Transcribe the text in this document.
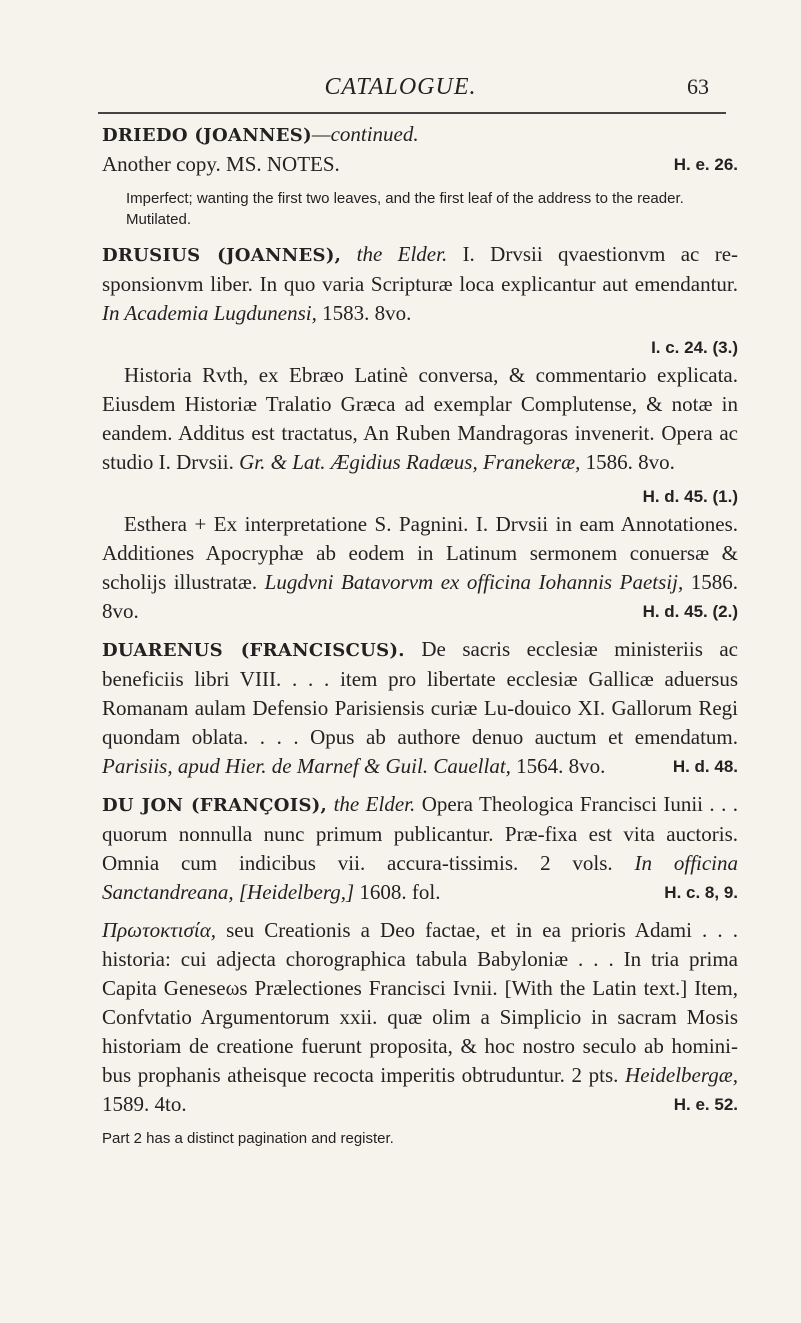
CATALOGUE.	63

DRIEDO (JOANNES)—continued.
Another copy. MS. NOTES.	H. e. 26.

Imperfect; wanting the first two leaves, and the first leaf of the address to the reader. Mutilated.

DRUSIUS (JOANNES), the Elder. I. Drvsii qvaestionvm ac re-sponsionvm liber. In quo varia Scripturæ loca explicantur aut emendantur. In Academia Lugdunensi, 1583. 8vo.

I. c. 24. (3.)

Historia Rvth, ex Ebræo Latinè conversa, & commentario explicata. Eiusdem Historiæ Tralatio Græca ad exemplar Complutense, & notæ in eandem. Additus est tractatus, An Ruben Mandragoras invenerit. Opera ac studio I. Drvsii. Gr. & Lat. Ægidius Radæus, Franekeræ, 1586. 8vo.

H. d. 45. (1.)

Esthera + Ex interpretatione S. Pagnini. I. Drvsii in eam Annotationes. Additiones Apocryphæ ab eodem in Latinum sermonem conuersæ & scholijs illustratæ. Lugdvni Batavorvm ex officina Iohannis Paetsij, 1586. 8vo.	H. d. 45. (2.)

DUARENUS (FRANCISCUS). De sacris ecclesiæ ministeriis ac beneficiis libri VIII. . . . item pro libertate ecclesiæ Gallicæ aduersus Romanam aulam Defensio Parisiensis curiæ Lu-douico XI. Gallorum Regi quondam oblata. . . . Opus ab authore denuo auctum et emendatum. Parisiis, apud Hier. de Marnef & Guil. Cauellat, 1564. 8vo.	H. d. 48.

DU JON (FRANÇOIS), the Elder. Opera Theologica Francisci Iunii . . . quorum nonnulla nunc primum publicantur. Præ-fixa est vita auctoris. Omnia cum indicibus vii. accura-tissimis. 2 vols. In officina Sanctandreana, [Heidelberg,] 1608. fol.	H. c. 8, 9.

Πρωτοκτισία, seu Creationis a Deo factae, et in ea prioris Adami . . . historia: cui adjecta chorographica tabula Babyloniæ . . . In tria prima Capita Geneseωs Prælectiones Francisci Ivnii. [With the Latin text.] Item, Confvtatio Argumentorum xxii. quæ olim a Simplicio in sacram Mosis historiam de creatione fuerunt proposita, & hoc nostro seculo ab homini-bus prophanis atheisque recocta imperitis obtruduntur. 2 pts. Heidelbergæ, 1589. 4to.	H. e. 52.

Part 2 has a distinct pagination and register.
